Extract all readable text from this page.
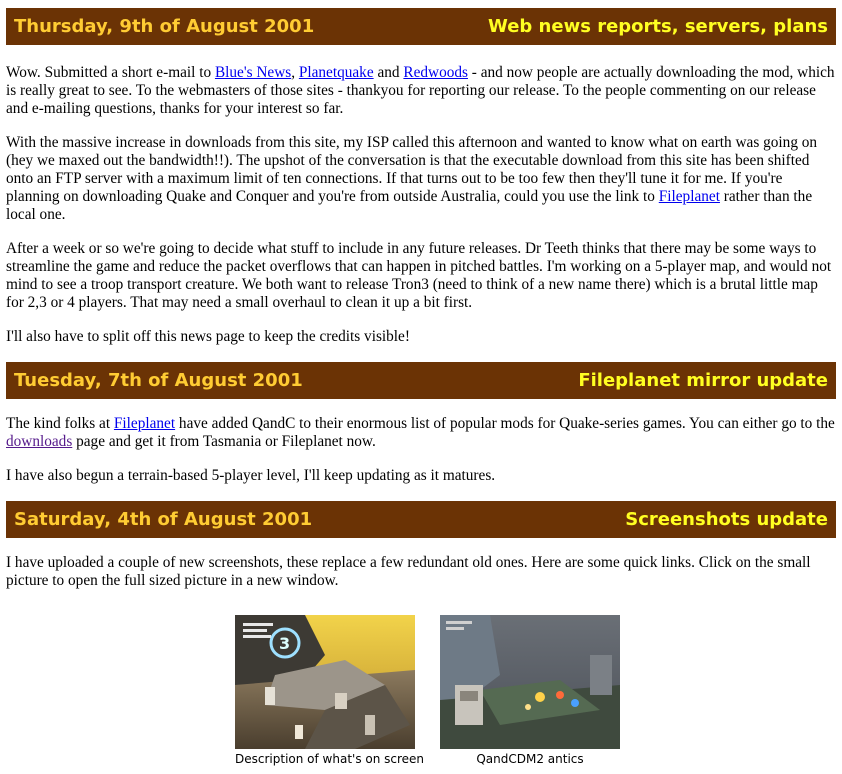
Thursday, 9th of August 2001	Web news reports, servers, plans

Wow. Submitted a short e-mail to Blue's News, Planetquake and Redwoods - and now people are actually downloading the mod, which is really great to see. To the webmasters of those sites - thankyou for reporting our release. To the people commenting on our release and e-mailing questions, thanks for your interest so far.

With the massive increase in downloads from this site, my ISP called this afternoon and wanted to know what on earth was going on (hey we maxed out the bandwidth!!). The upshot of the conversation is that the executable download from this site has been shifted onto an FTP server with a maximum limit of ten connections. If that turns out to be too few then they'll tune it for me. If you're planning on downloading Quake and Conquer and you're from outside Australia, could you use the link to Fileplanet rather than the local one.

After a week or so we're going to decide what stuff to include in any future releases. Dr Teeth thinks that there may be some ways to streamline the game and reduce the packet overflows that can happen in pitched battles. I'm working on a 5-player map, and would not mind to see a troop transport creature. We both want to release Tron3 (need to think of a new name there) which is a brutal little map for 2,3 or 4 players. That may need a small overhaul to clean it up a bit first.

I'll also have to split off this news page to keep the credits visible!

Tuesday, 7th of August 2001	Fileplanet mirror update

The kind folks at Fileplanet have added QandC to their enormous list of popular mods for Quake-series games. You can either go to the downloads page and get it from Tasmania or Fileplanet now.

I have also begun a terrain-based 5-player level, I'll keep updating as it matures.

Saturday, 4th of August 2001	Screenshots update

I have uploaded a couple of new screenshots, these replace a few redundant old ones. Here are some quick links. Click on the small picture to open the full sized picture in a new window.

3
Description of what's on screen	QandCDM2 antics
